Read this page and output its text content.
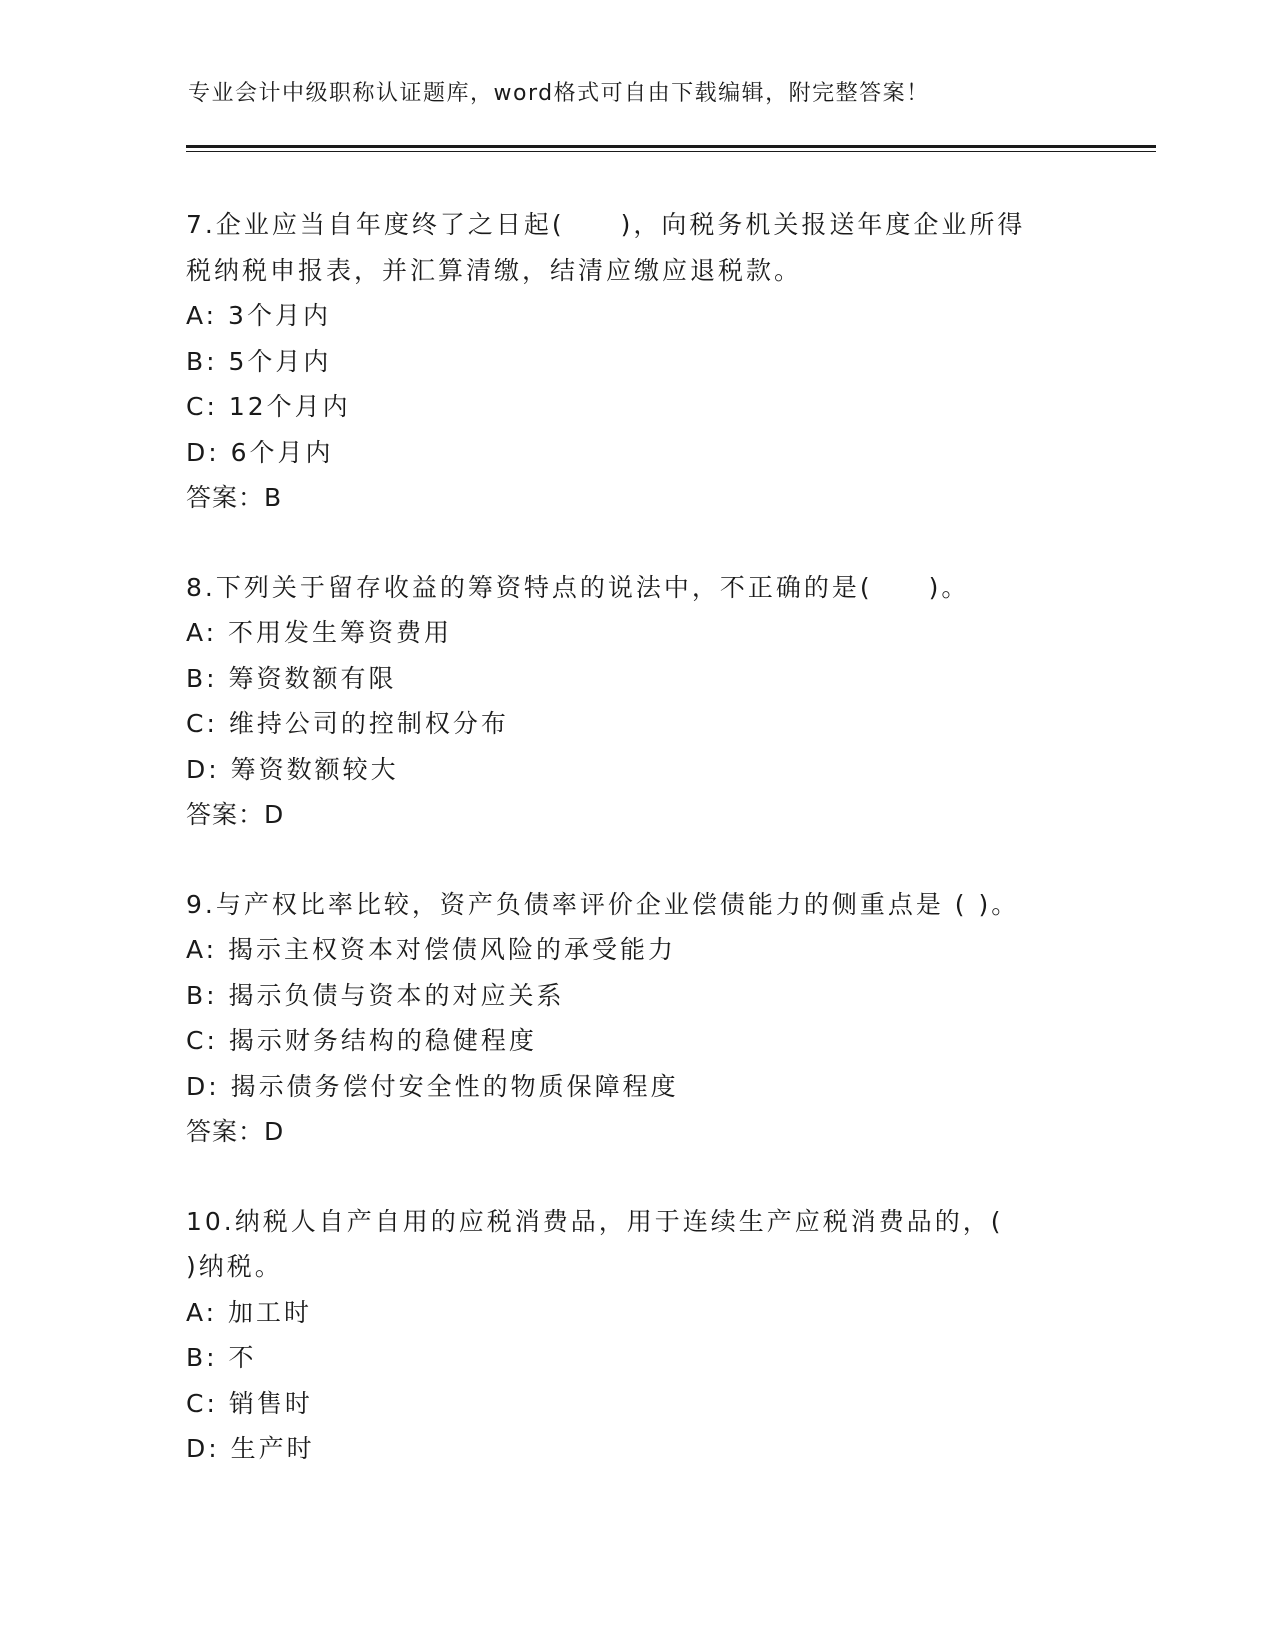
专业会计中级职称认证题库，word格式可自由下载编辑，附完整答案！
7.企业应当自年度终了之日起(　　)，向税务机关报送年度企业所得
税纳税申报表，并汇算清缴，结清应缴应退税款。
A: 3个月内
B: 5个月内
C: 12个月内
D: 6个月内
答案：B
8.下列关于留存收益的筹资特点的说法中，不正确的是(　　)。
A: 不用发生筹资费用
B: 筹资数额有限
C: 维持公司的控制权分布
D: 筹资数额较大
答案：D
9.与产权比率比较，资产负债率评价企业偿债能力的侧重点是 ( )。
A: 揭示主权资本对偿债风险的承受能力
B: 揭示负债与资本的对应关系
C: 揭示财务结构的稳健程度
D: 揭示债务偿付安全性的物质保障程度
答案：D
10.纳税人自产自用的应税消费品，用于连续生产应税消费品的，(
)纳税。
A: 加工时
B: 不
C: 销售时
D: 生产时
